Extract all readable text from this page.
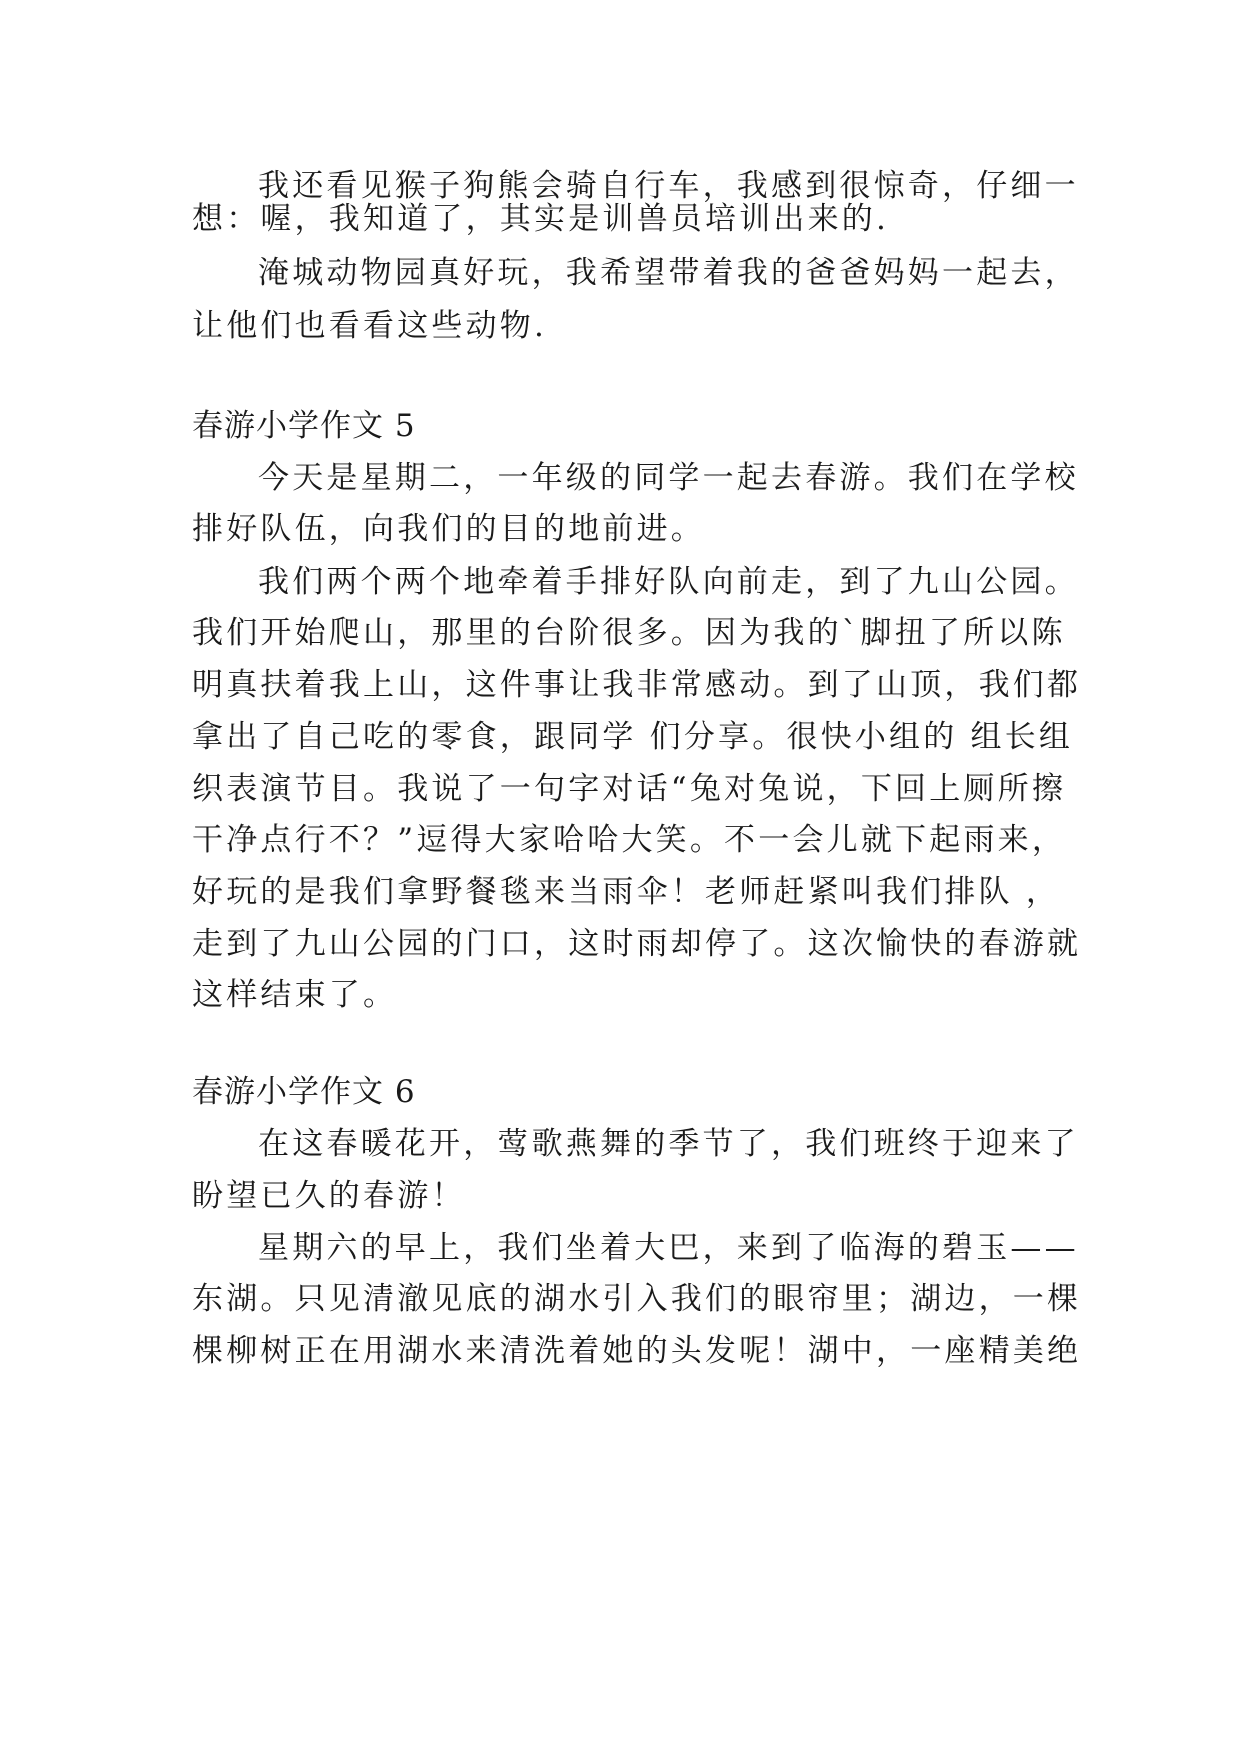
我还看见猴子狗熊会骑自行车，我感到很惊奇，仔细一
想：喔，我知道了，其实是训兽员培训出来的.
淹城动物园真好玩，我希望带着我的爸爸妈妈一起去，
让他们也看看这些动物.
春游小学作文 5
今天是星期二，一年级的同学一起去春游。我们在学校
排好队伍，向我们的目的地前进。
我们两个两个地牵着手排好队向前走，到了九山公园。
我们开始爬山，那里的台阶很多。因为我的`脚扭了所以陈
明真扶着我上山，这件事让我非常感动。到了山顶，我们都
拿出了自己吃的零食，跟同学 们分享。很快小组的 组长组
织表演节目。我说了一句字对话“兔对兔说，下回上厕所擦
干净点行不？”逗得大家哈哈大笑。不一会儿就下起雨来，
好玩的是我们拿野餐毯来当雨伞！老师赶紧叫我们排队 ，
走到了九山公园的门口，这时雨却停了。这次愉快的春游就
这样结束了。
春游小学作文 6
在这春暖花开，莺歌燕舞的季节了，我们班终于迎来了
盼望已久的春游！
星期六的早上，我们坐着大巴，来到了临海的碧玉——
东湖。只见清澈见底的湖水引入我们的眼帘里；湖边，一棵
棵柳树正在用湖水来清洗着她的头发呢！湖中，一座精美绝
